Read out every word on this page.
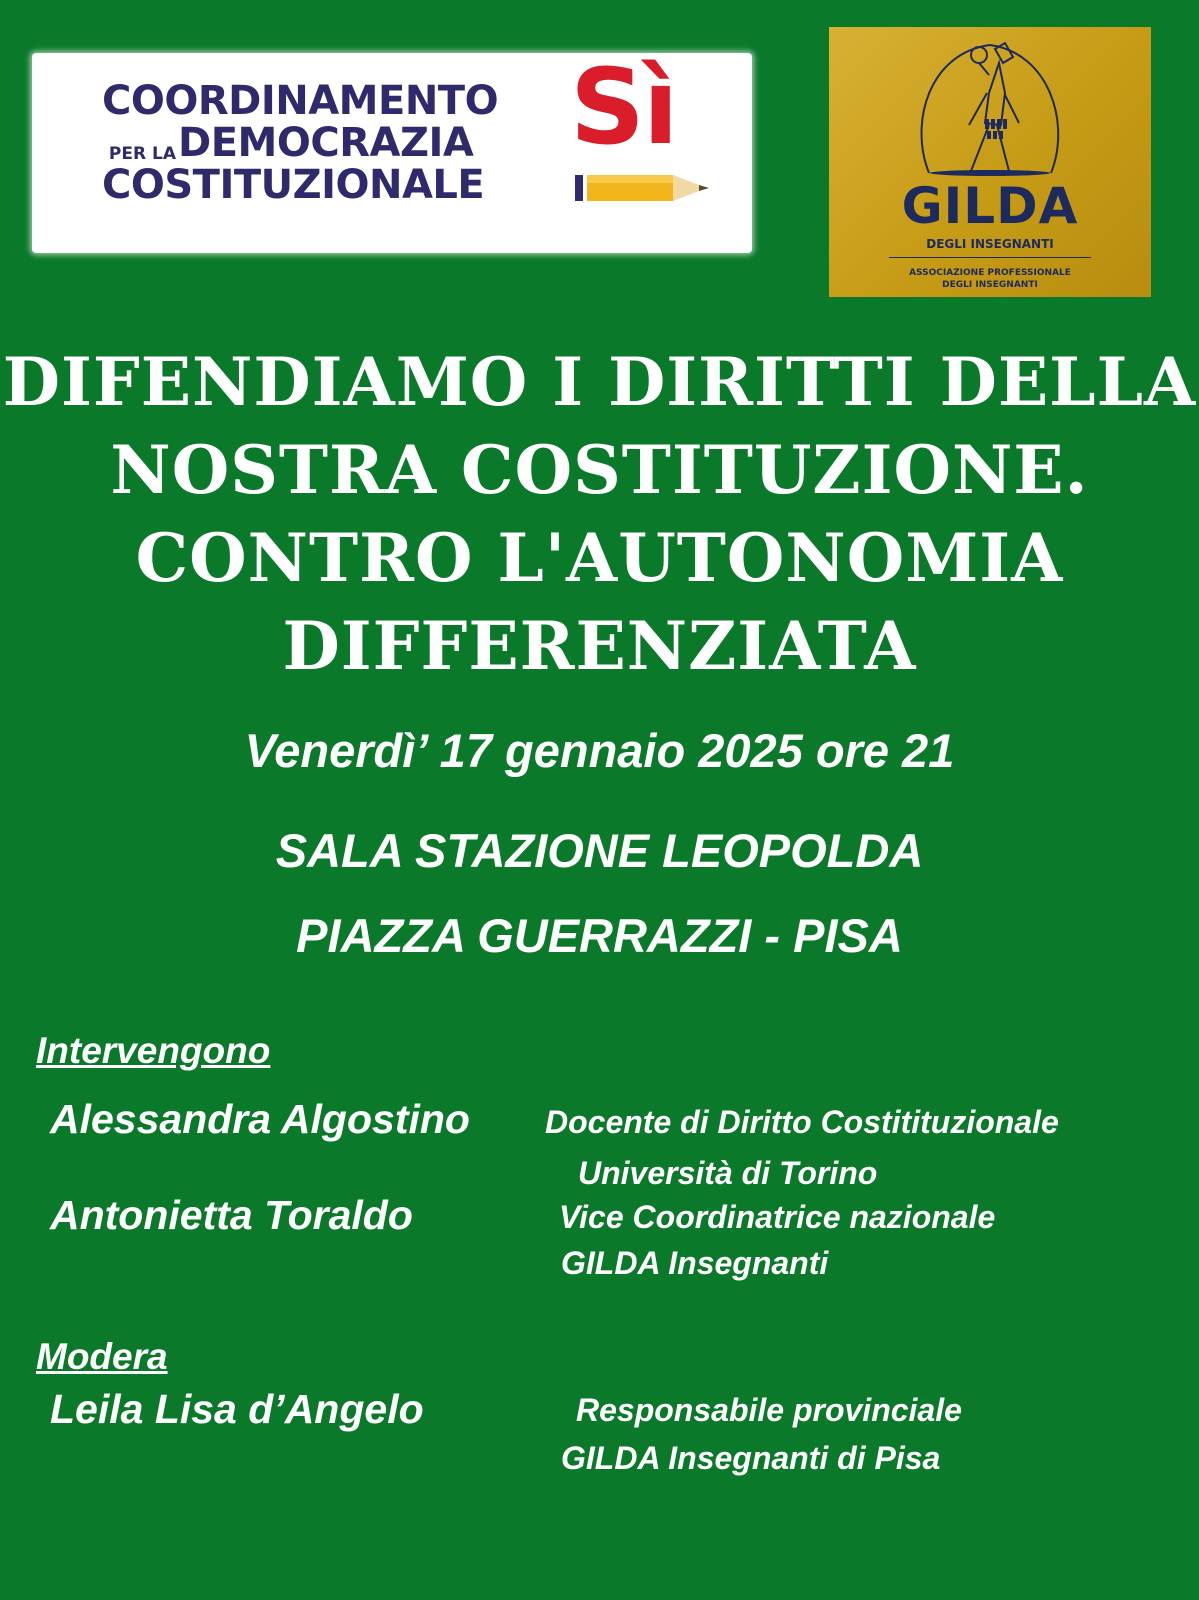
COORDINAMENTO
PER LA DEMOCRAZIA
COSTITUZIONALE
Sì
GILDA
DEGLI INSEGNANTI
ASSOCIAZIONE PROFESSIONALE
DEGLI INSEGNANTI
DIFENDIAMO I DIRITTI DELLA
NOSTRA COSTITUZIONE.
CONTRO L'AUTONOMIA
DIFFERENZIATA
Venerdì’ 17 gennaio 2025 ore 21
SALA STAZIONE LEOPOLDA
PIAZZA GUERRAZZI - PISA
Intervengono
Alessandra Algostino Docente di Diritto Costitituzionale
Università di Torino
Antonietta Toraldo	Vice Coordinatrice nazionale
GILDA Insegnanti
Modera
Leila Lisa d’Angelo	Responsabile provinciale
GILDA Insegnanti di Pisa
